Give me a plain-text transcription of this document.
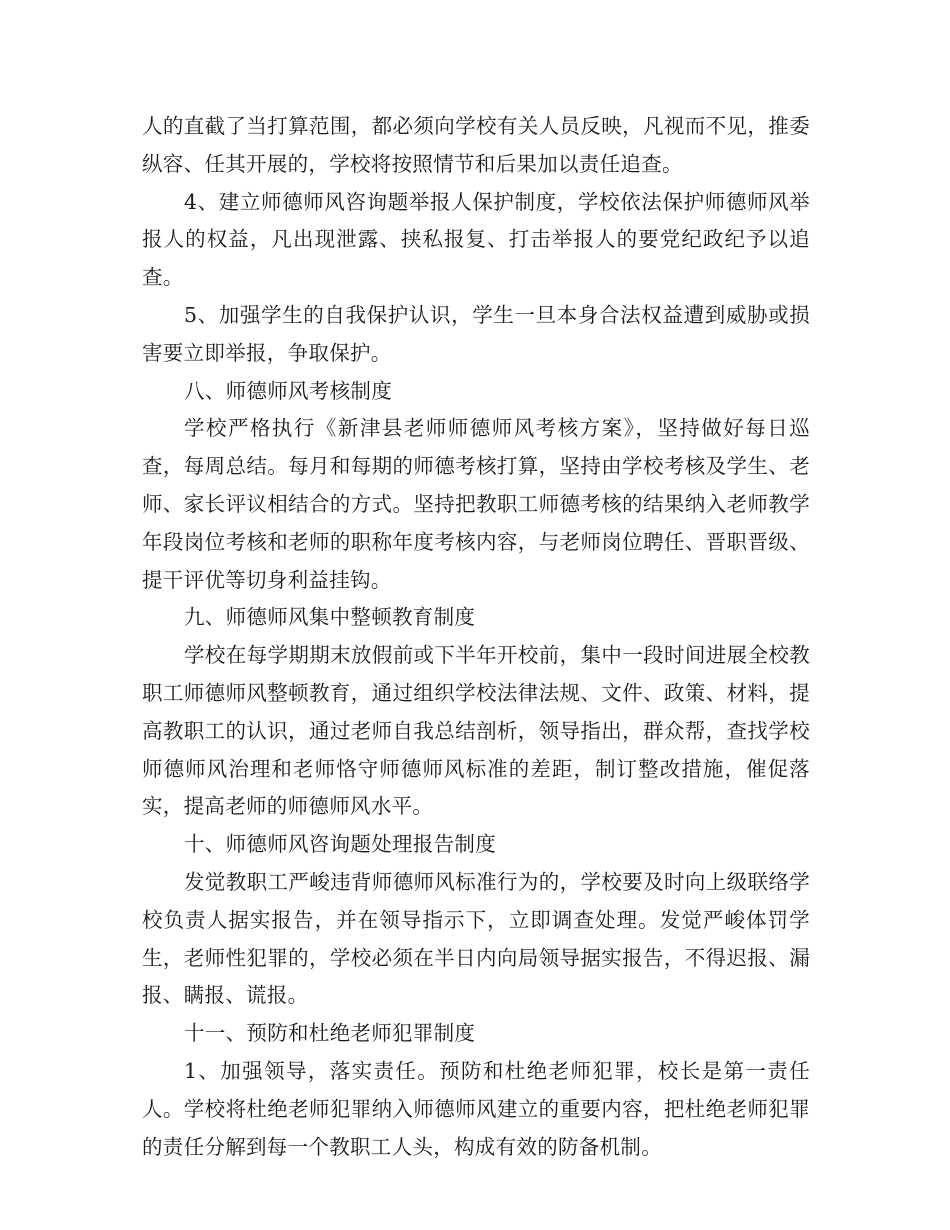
人的直截了当打算范围，都必须向学校有关人员反映，凡视而不见，推委纵容、任其开展的，学校将按照情节和后果加以责任追查。

4、建立师德师风咨询题举报人保护制度，学校依法保护师德师风举报人的权益，凡出现泄露、挟私报复、打击举报人的要党纪政纪予以追查。

5、加强学生的自我保护认识，学生一旦本身合法权益遭到威胁或损害要立即举报，争取保护。

八、师德师风考核制度

学校严格执行《新津县老师师德师风考核方案》，坚持做好每日巡查，每周总结。每月和每期的师德考核打算，坚持由学校考核及学生、老师、家长评议相结合的方式。坚持把教职工师德考核的结果纳入老师教学年段岗位考核和老师的职称年度考核内容，与老师岗位聘任、晋职晋级、提干评优等切身利益挂钩。

九、师德师风集中整顿教育制度

学校在每学期期末放假前或下半年开校前，集中一段时间进展全校教职工师德师风整顿教育，通过组织学校法律法规、文件、政策、材料，提高教职工的认识，通过老师自我总结剖析，领导指出，群众帮，查找学校师德师风治理和老师恪守师德师风标准的差距，制订整改措施，催促落实，提高老师的师德师风水平。

十、师德师风咨询题处理报告制度

发觉教职工严峻违背师德师风标准行为的，学校要及时向上级联络学校负责人据实报告，并在领导指示下，立即调查处理。发觉严峻体罚学生，老师性犯罪的，学校必须在半日内向局领导据实报告，不得迟报、漏报、瞒报、谎报。

十一、预防和杜绝老师犯罪制度

1、加强领导，落实责任。预防和杜绝老师犯罪，校长是第一责任人。学校将杜绝老师犯罪纳入师德师风建立的重要内容，把杜绝老师犯罪的责任分解到每一个教职工人头，构成有效的防备机制。
